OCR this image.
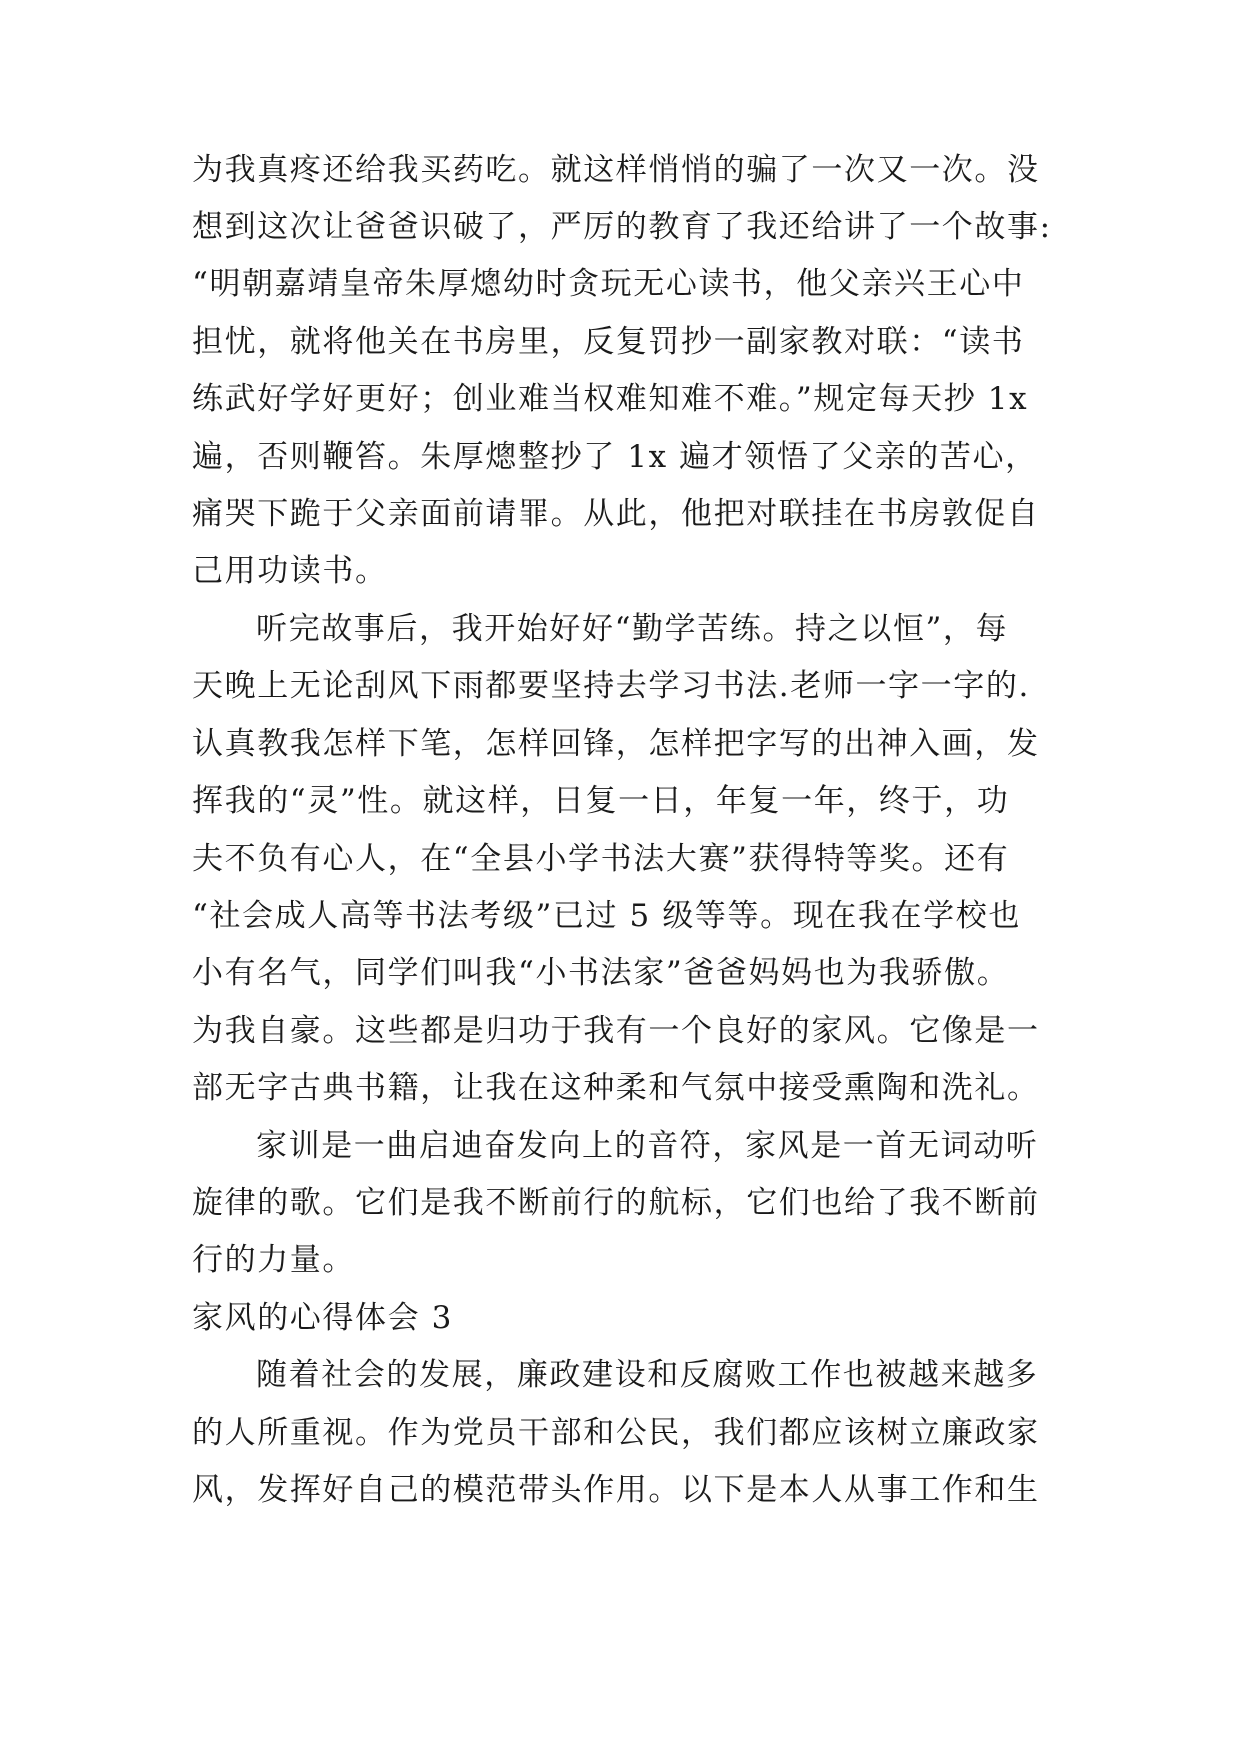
为我真疼还给我买药吃。就这样悄悄的骗了一次又一次。没
想到这次让爸爸识破了，严厉的教育了我还给讲了一个故事:
“明朝嘉靖皇帝朱厚熜幼时贪玩无心读书，他父亲兴王心中
担忧，就将他关在书房里，反复罚抄一副家教对联：“读书
练武好学好更好；创业难当权难知难不难。”规定每天抄 1x
遍，否则鞭笞。朱厚熜整抄了 1x 遍才领悟了父亲的苦心，
痛哭下跪于父亲面前请罪。从此，他把对联挂在书房敦促自
己用功读书。
听完故事后，我开始好好“勤学苦练。持之以恒”，每
天晚上无论刮风下雨都要坚持去学习书法.老师一字一字的.
认真教我怎样下笔，怎样回锋，怎样把字写的出神入画，发
挥我的“灵”性。就这样，日复一日，年复一年，终于，功
夫不负有心人，在“全县小学书法大赛”获得特等奖。还有
“社会成人高等书法考级”已过 5 级等等。现在我在学校也
小有名气，同学们叫我“小书法家”爸爸妈妈也为我骄傲。
为我自豪。这些都是归功于我有一个良好的家风。它像是一
部无字古典书籍，让我在这种柔和气氛中接受熏陶和洗礼。
家训是一曲启迪奋发向上的音符，家风是一首无词动听
旋律的歌。它们是我不断前行的航标，它们也给了我不断前
行的力量。
家风的心得体会 3
随着社会的发展，廉政建设和反腐败工作也被越来越多
的人所重视。作为党员干部和公民，我们都应该树立廉政家
风，发挥好自己的模范带头作用。以下是本人从事工作和生
